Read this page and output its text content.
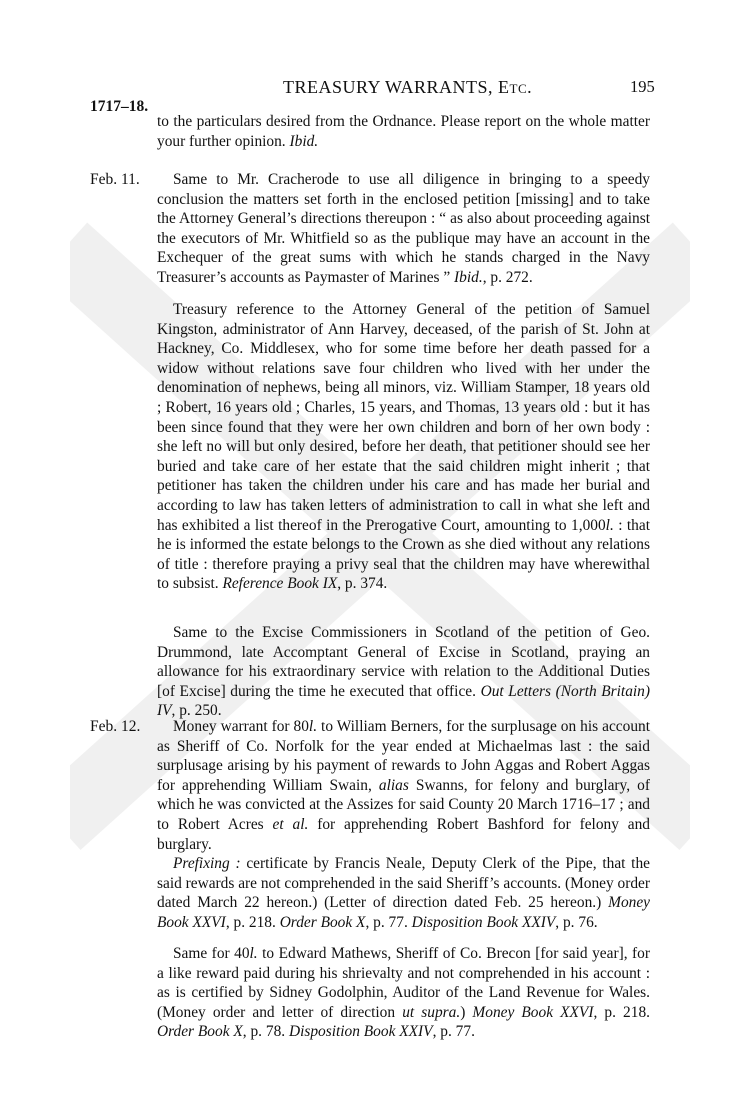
TREASURY WARRANTS, Etc.	195
1717–18.
Feb. 11.
Feb. 12.

to the particulars desired from the Ordnance. Please report on the whole matter your further opinion. Ibid.

Same to Mr. Cracherode to use all diligence in bringing to a speedy conclusion the matters set forth in the enclosed petition [missing] and to take the Attorney General’s directions thereupon : “ as also about proceeding against the executors of Mr. Whitfield so as the publique may have an account in the Exchequer of the great sums with which he stands charged in the Navy Treasurer’s accounts as Paymaster of Marines ” Ibid., p. 272.

Treasury reference to the Attorney General of the petition of Samuel Kingston, administrator of Ann Harvey, deceased, of the parish of St. John at Hackney, Co. Middlesex, who for some time before her death passed for a widow without relations save four children who lived with her under the denomination of nephews, being all minors, viz. William Stamper, 18 years old ; Robert, 16 years old ; Charles, 15 years, and Thomas, 13 years old : but it has been since found that they were her own children and born of her own body : she left no will but only desired, before her death, that petitioner should see her buried and take care of her estate that the said children might inherit ; that petitioner has taken the children under his care and has made her burial and according to law has taken letters of administration to call in what she left and has exhibited a list thereof in the Prerogative Court, amounting to 1,000l. : that he is informed the estate belongs to the Crown as she died without any relations of title : therefore praying a privy seal that the children may have wherewithal to subsist. Reference Book IX, p. 374.

Same to the Excise Commissioners in Scotland of the petition of Geo. Drummond, late Accomptant General of Excise in Scotland, praying an allowance for his extraordinary service with relation to the Additional Duties [of Excise] during the time he executed that office. Out Letters (North Britain) IV, p. 250.

Money warrant for 80l. to William Berners, for the surplusage on his account as Sheriff of Co. Norfolk for the year ended at Michaelmas last : the said surplusage arising by his payment of rewards to John Aggas and Robert Aggas for apprehending William Swain, alias Swanns, for felony and burglary, of which he was convicted at the Assizes for said County 20 March 1716–17 ; and to Robert Acres et al. for apprehending Robert Bashford for felony and burglary.

Prefixing : certificate by Francis Neale, Deputy Clerk of the Pipe, that the said rewards are not comprehended in the said Sheriff’s accounts. (Money order dated March 22 hereon.) (Letter of direction dated Feb. 25 hereon.) Money Book XXVI, p. 218. Order Book X, p. 77. Disposition Book XXIV, p. 76.

Same for 40l. to Edward Mathews, Sheriff of Co. Brecon [for said year], for a like reward paid during his shrievalty and not comprehended in his account : as is certified by Sidney Godolphin, Auditor of the Land Revenue for Wales. (Money order and letter of direction ut supra.) Money Book XXVI, p. 218. Order Book X, p. 78. Disposition Book XXIV, p. 77.
